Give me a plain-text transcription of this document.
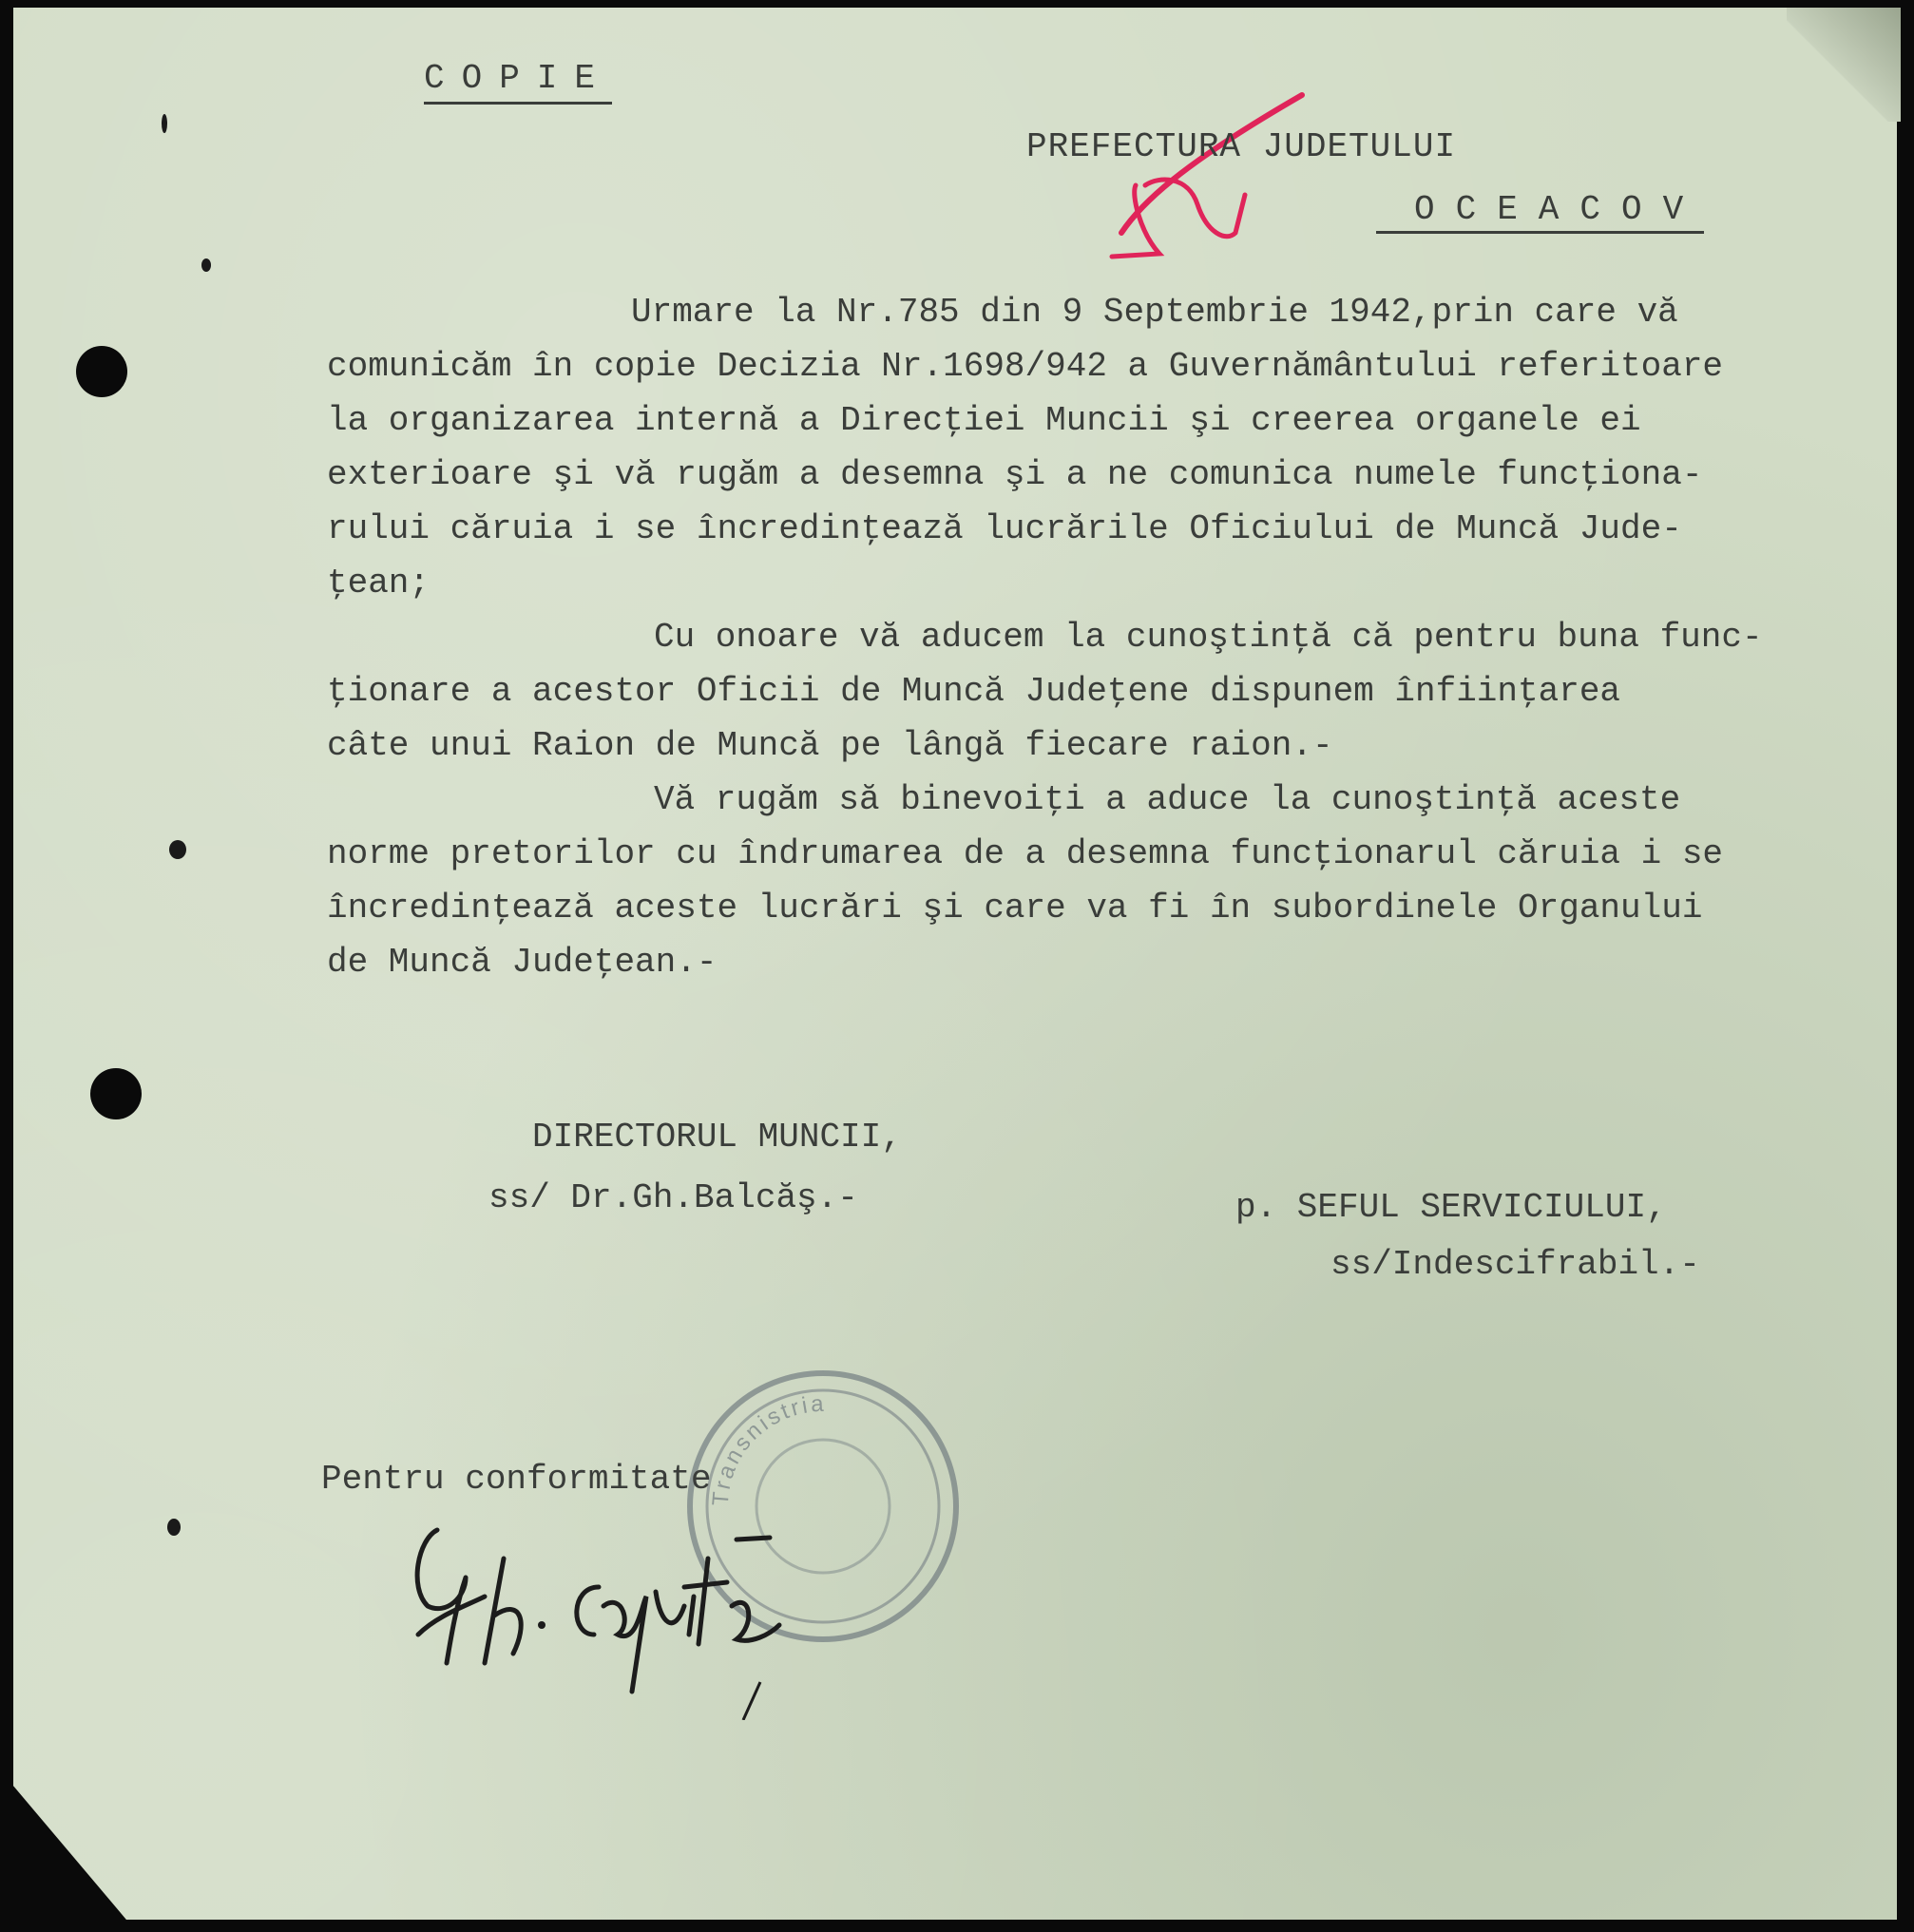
COPIE
PREFECTURA JUDETULUI
OCEACOV

Urmare la Nr.785 din 9 Septembrie 1942,prin care vă

comunicăm în copie Decizia Nr.1698/942 a Guvernământului referitoare

la organizarea internă a Direcţiei Muncii şi creerea organele ei

exterioare şi vă rugăm a desemna şi a ne comunica numele funcţiona-

rului căruia i se încredinţează lucrările Oficiului de Muncă Jude-

ţean;

Cu onoare vă aducem la cunoştinţă că pentru buna func-

ţionare a acestor Oficii de Muncă Judeţene dispunem înfiinţarea

câte unui Raion de Muncă pe lângă fiecare raion.-

Vă rugăm să binevoiţi a aduce la cunoştinţă aceste

norme pretorilor cu îndrumarea de a desemna funcţionarul căruia i se

încredinţează aceste lucrări şi care va fi în subordinele Organului

de Muncă Judeţean.-

DIRECTORUL MUNCII,
ss/ Dr.Gh.Balcăş.-	p. SEFUL SERVICIULUI,
ss/Indescifrabil.-
Transnistria
Pentru conformitate
Gh. Căpriţă
